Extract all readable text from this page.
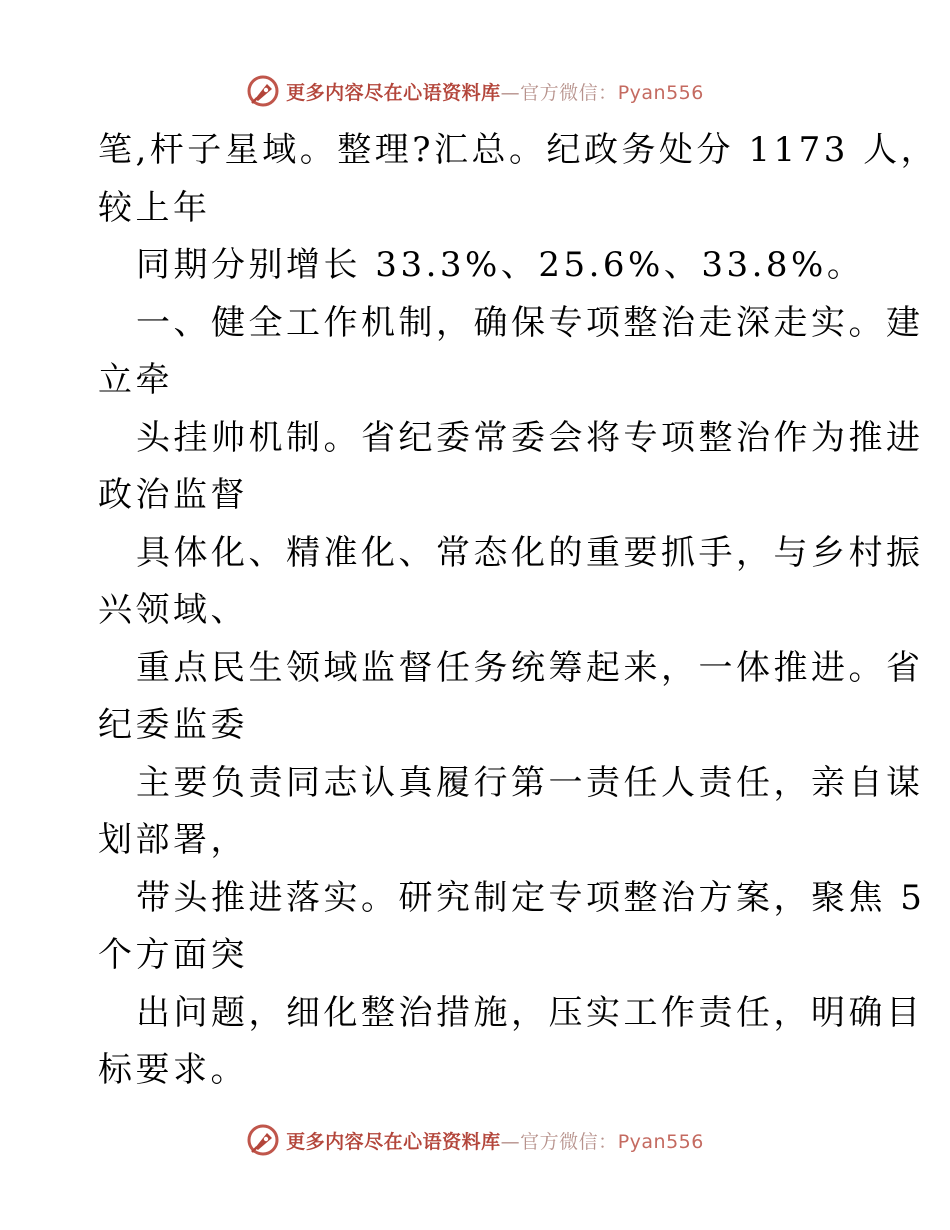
更多内容尽在心语资料库—官方微信：Pyan556
笔,杆子星域。整理?汇总。纪政务处分 1173 人，
较上年
同期分别增长 33.3%、25.6%、33.8%。
一、健全工作机制，确保专项整治走深走实。建
立牵
头挂帅机制。省纪委常委会将专项整治作为推进
政治监督
具体化、精准化、常态化的重要抓手，与乡村振
兴领域、
重点民生领域监督任务统筹起来，一体推进。省
纪委监委
主要负责同志认真履行第一责任人责任，亲自谋
划部署，
带头推进落实。研究制定专项整治方案，聚焦 5
个方面突
出问题，细化整治措施，压实工作责任，明确目
标要求。
更多内容尽在心语资料库—官方微信：Pyan556
